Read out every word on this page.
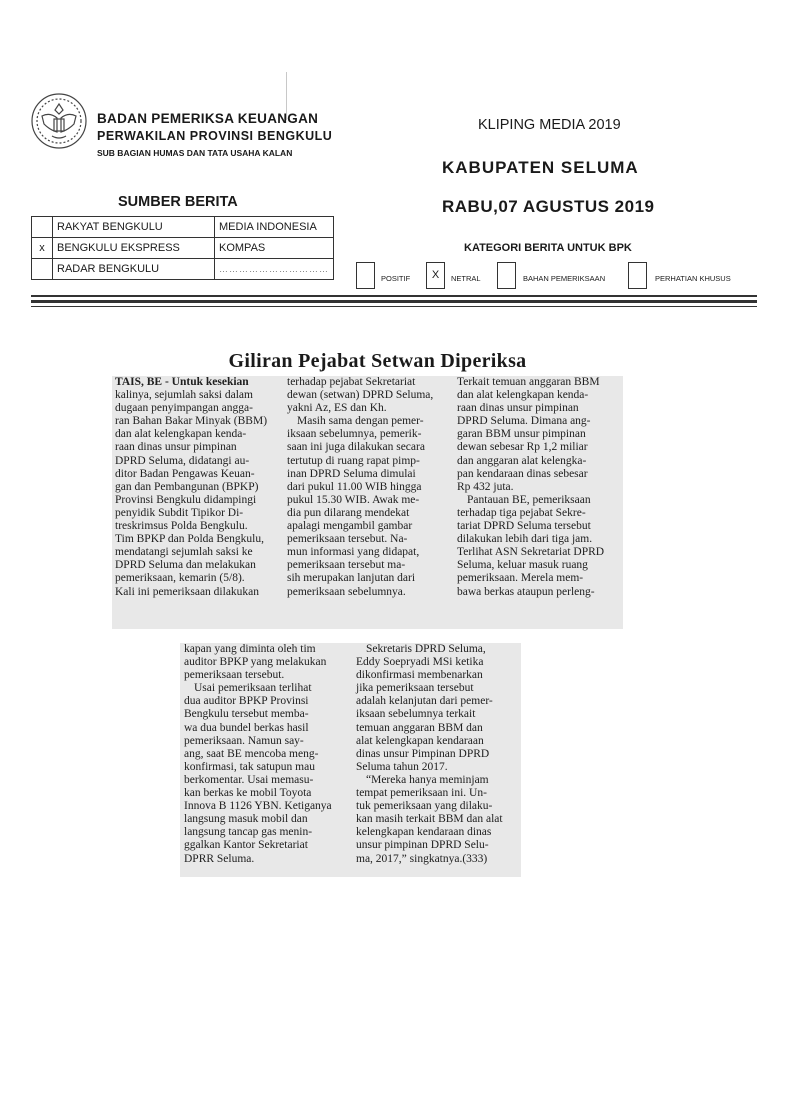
BADAN PEMERIKSA KEUANGAN
PERWAKILAN PROVINSI BENGKULU
SUB BAGIAN HUMAS DAN TATA USAHA KALAN
KLIPING MEDIA 2019
KABUPATEN SELUMA
RABU,07 AGUSTUS 2019
SUMBER BERITA
	RAKYAT BENGKULU	MEDIA INDONESIA
x	BENGKULU EKSPRESS	KOMPAS
	RADAR BENGKULU	……………………………
KATEGORI BERITA UNTUK BPK
POSITIF	X	NETRAL	BAHAN PEMERIKSAAN	PERHATIAN KHUSUS
Giliran Pejabat Setwan Diperiksa
TAIS, BE - Untuk kesekian
kalinya, sejumlah saksi dalam
dugaan penyimpangan angga-
ran Bahan Bakar Minyak (BBM)
dan alat kelengkapan kenda-
raan dinas unsur pimpinan
DPRD Seluma, didatangi au-
ditor Badan Pengawas Keuan-
gan dan Pembangunan (BPKP)
Provinsi Bengkulu didampingi
penyidik Subdit Tipikor Di-
treskrimsus Polda Bengkulu.
Tim BPKP dan Polda Bengkulu,
mendatangi sejumlah saksi ke
DPRD Seluma dan melakukan
pemeriksaan, kemarin (5/8).
Kali ini pemeriksaan dilakukan
terhadap pejabat Sekretariat
dewan (setwan) DPRD Seluma,
yakni Az, ES dan Kh.
Masih sama dengan pemer-
iksaan sebelumnya, pemerik-
saan ini juga dilakukan secara
tertutup di ruang rapat pimp-
inan DPRD Seluma dimulai
dari pukul 11.00 WIB hingga
pukul 15.30 WIB. Awak me-
dia pun dilarang mendekat
apalagi mengambil gambar
pemeriksaan tersebut. Na-
mun informasi yang didapat,
pemeriksaan tersebut ma-
sih merupakan lanjutan dari
pemeriksaan sebelumnya.
Terkait temuan anggaran BBM
dan alat kelengkapan kenda-
raan dinas unsur pimpinan
DPRD Seluma. Dimana ang-
garan BBM unsur pimpinan
dewan sebesar Rp 1,2 miliar
dan anggaran alat kelengka-
pan kendaraan dinas sebesar
Rp 432 juta.
Pantauan BE, pemeriksaan
terhadap tiga pejabat Sekre-
tariat DPRD Seluma tersebut
dilakukan lebih dari tiga jam.
Terlihat ASN Sekretariat DPRD
Seluma, keluar masuk ruang
pemeriksaan. Merela mem-
bawa berkas ataupun perleng-
kapan yang diminta oleh tim
auditor BPKP yang melakukan
pemeriksaan tersebut.
Usai pemeriksaan terlihat
dua auditor BPKP Provinsi
Bengkulu tersebut memba-
wa dua bundel berkas hasil
pemeriksaan. Namun say-
ang, saat BE mencoba meng-
konfirmasi, tak satupun mau
berkomentar. Usai memasu-
kan berkas ke mobil Toyota
Innova B 1126 YBN. Ketiganya
langsung masuk mobil dan
langsung tancap gas menin-
ggalkan Kantor Sekretariat
DPRR Seluma.
Sekretaris DPRD Seluma,
Eddy Soepryadi MSi ketika
dikonfirmasi membenarkan
jika pemeriksaan tersebut
adalah kelanjutan dari pemer-
iksaan sebelumnya terkait
temuan anggaran BBM dan
alat kelengkapan kendaraan
dinas unsur Pimpinan DPRD
Seluma tahun 2017.
“Mereka hanya meminjam
tempat pemeriksaan ini. Un-
tuk pemeriksaan yang dilaku-
kan masih terkait BBM dan alat
kelengkapan kendaraan dinas
unsur pimpinan DPRD Selu-
ma, 2017,” singkatnya.(333)
